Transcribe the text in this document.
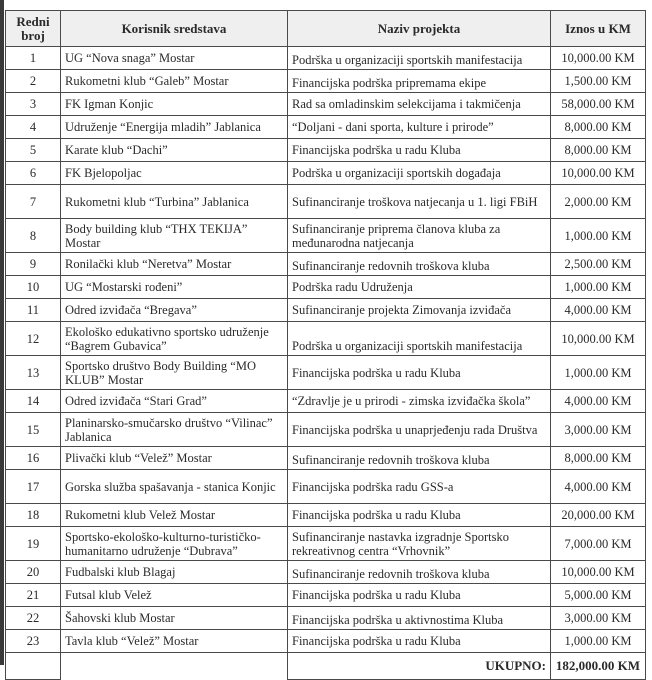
Redni broj	Korisnik sredstava	Naziv projekta	Iznos u KM
1	UG “Nova snaga” Mostar	Podrška u organizaciji sportskih manifestacija	10,000.00 KM
2	Rukometni klub “Galeb” Mostar	Financijska podrška pripremama ekipe	1,500.00 KM
3	FK Igman Konjic	Rad sa omladinskim selekcijama i takmičenja	58,000.00 KM
4	Udruženje “Energija mladih” Jablanica	“Doljani - dani sporta, kulture i prirode”	8,000.00 KM
5	Karate klub “Dachi”	Financijska podrška u radu Kluba	8,000.00 KM
6	FK Bjelopoljac	Podrška u organizaciji sportskih događaja	10,000.00 KM
7	Rukometni klub “Turbina” Jablanica	Sufinanciranje troškova natjecanja u 1. ligi FBiH	2,000.00 KM
8	Body building klub “THX TEKIJA” Mostar	Sufinanciranje priprema članova kluba za međunarodna natjecanja	1,000.00 KM
9	Ronilački klub “Neretva” Mostar	Sufinanciranje redovnih troškova kluba	2,500.00 KM
10	UG “Mostarski rođeni”	Podrška radu Udruženja	1,000.00 KM
11	Odred izviđača “Bregava”	Sufinanciranje projekta Zimovanja izviđača	4,000.00 KM
12	Ekološko edukativno sportsko udruženje “Bagrem Gubavica”	Podrška u organizaciji sportskih manifestacija	10,000.00 KM
13	Sportsko društvo Body Building “MO KLUB” Mostar	Financijska podrška u radu Kluba	1,000.00 KM
14	Odred izviđača “Stari Grad”	“Zdravlje je u prirodi - zimska izviđačka škola”	4,000.00 KM
15	Planinarsko-smučarsko društvo “Vilinac” Jablanica	Financijska podrška u unaprjeđenju rada Društva	3,000.00 KM
16	Plivački klub “Velež” Mostar	Sufinanciranje redovnih troškova kluba	8,000.00 KM
17	Gorska služba spašavanja - stanica Konjic	Financijska podrška radu GSS-a	4,000.00 KM
18	Rukometni klub Velež Mostar	Financijska podrška u radu Kluba	20,000.00 KM
19	Sportsko-ekološko-kulturno-turističko-humanitarno udruženje “Dubrava”	Sufinanciranje nastavka izgradnje Sportsko rekreativnog centra “Vrhovnik”	7,000.00 KM
20	Fudbalski klub Blagaj	Sufinanciranje redovnih troškova kluba	10,000.00 KM
21	Futsal klub Velež	Financijska podrška u radu Kluba	5,000.00 KM
22	Šahovski klub Mostar	Financijska podrška u aktivnostima Kluba	3,000.00 KM
23	Tavla klub “Velež” Mostar	Financijska podrška u radu Kluba	1,000.00 KM
		UKUPNO:	182,000.00 KM
